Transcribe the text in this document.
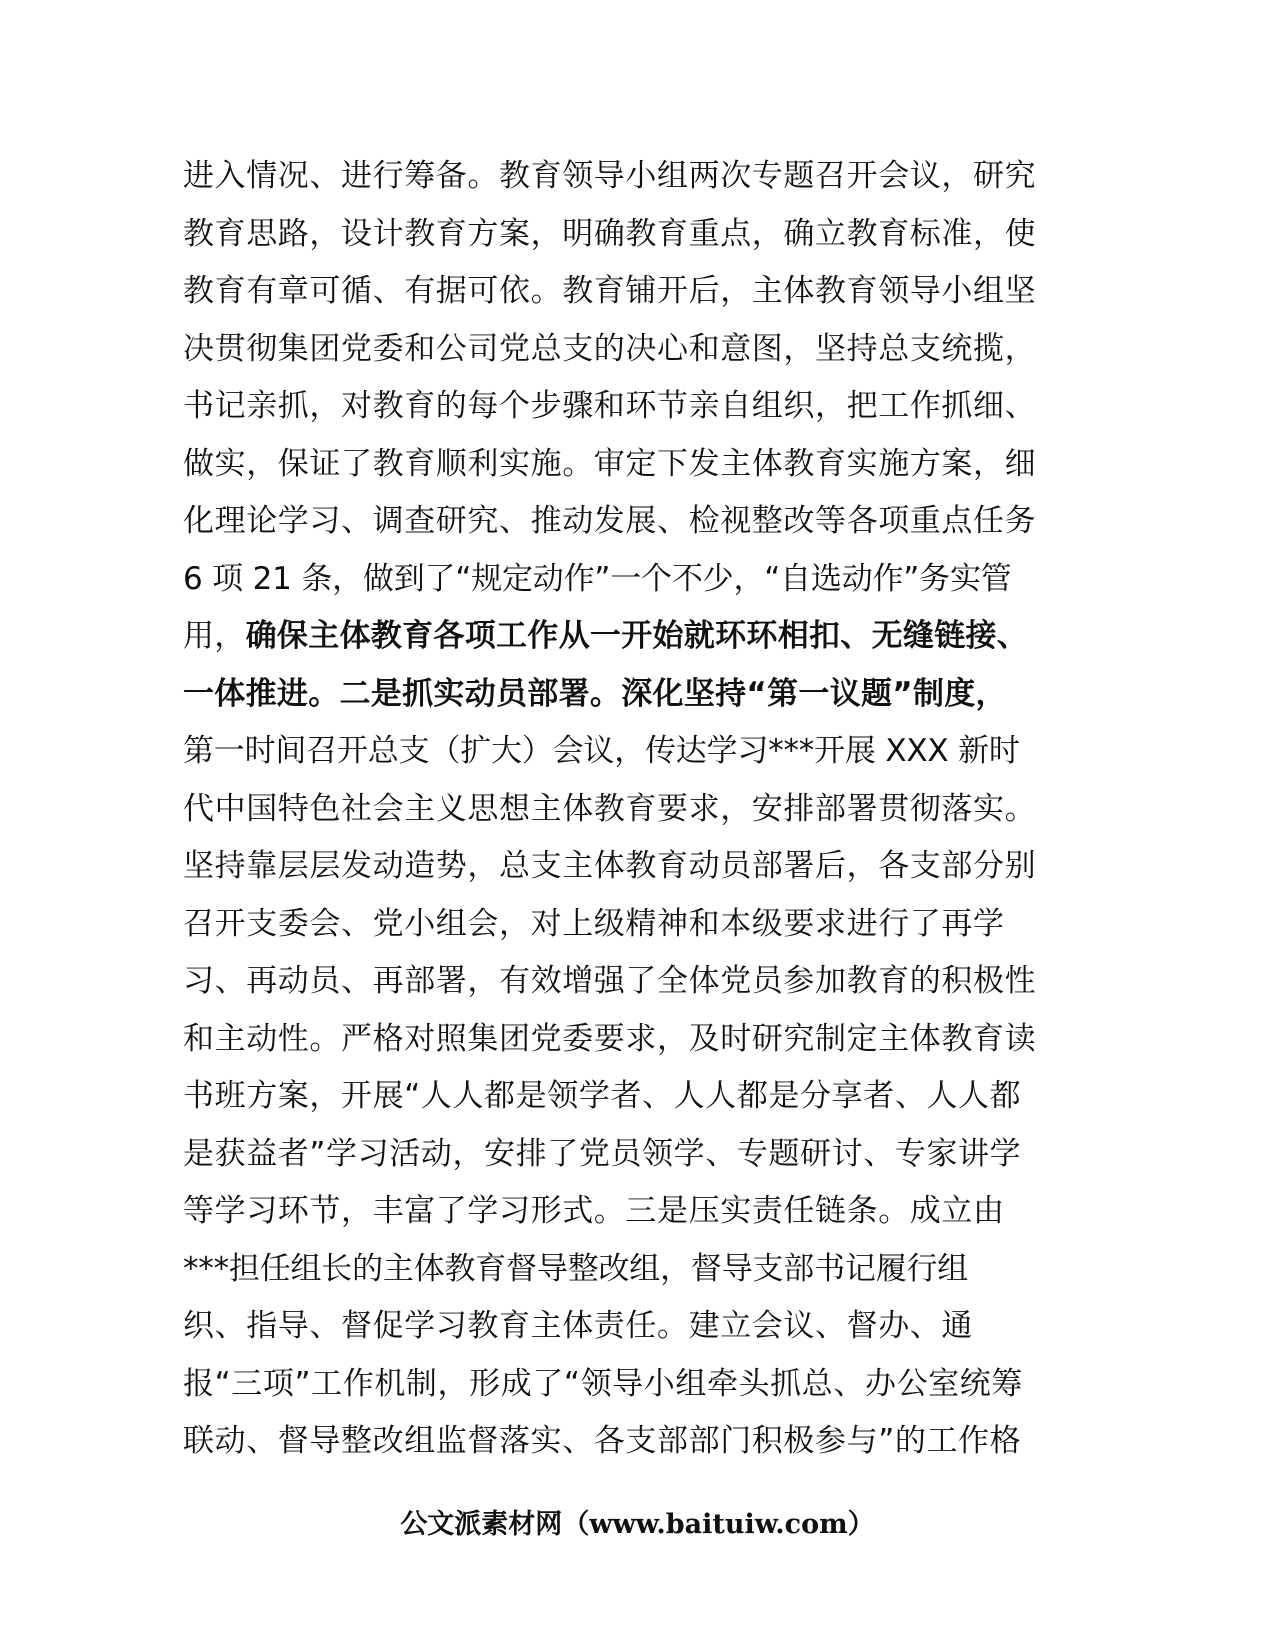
进入情况、进行筹备。教育领导小组两次专题召开会议，研究
教育思路，设计教育方案，明确教育重点，确立教育标准，使
教育有章可循、有据可依。教育铺开后，主体教育领导小组坚
决贯彻集团党委和公司党总支的决心和意图，坚持总支统揽，
书记亲抓，对教育的每个步骤和环节亲自组织，把工作抓细、
做实，保证了教育顺利实施。审定下发主体教育实施方案，细
化理论学习、调查研究、推动发展、检视整改等各项重点任务
6 项 21 条，做到了“规定动作”一个不少，“自选动作”务实管
用，确保主体教育各项工作从一开始就环环相扣、无缝链接、
一体推进。二是抓实动员部署。深化坚持“第一议题”制度，
第一时间召开总支（扩大）会议，传达学习***开展 XXX 新时
代中国特色社会主义思想主体教育要求，安排部署贯彻落实。
坚持靠层层发动造势，总支主体教育动员部署后，各支部分别
召开支委会、党小组会，对上级精神和本级要求进行了再学
习、再动员、再部署，有效增强了全体党员参加教育的积极性
和主动性。严格对照集团党委要求，及时研究制定主体教育读
书班方案，开展“人人都是领学者、人人都是分享者、人人都
是获益者”学习活动，安排了党员领学、专题研讨、专家讲学
等学习环节，丰富了学习形式。三是压实责任链条。成立由
***担任组长的主体教育督导整改组，督导支部书记履行组
织、指导、督促学习教育主体责任。建立会议、督办、通
报“三项”工作机制，形成了“领导小组牵头抓总、办公室统筹
联动、督导整改组监督落实、各支部部门积极参与”的工作格
公文派素材网（www.baituiw.com）
